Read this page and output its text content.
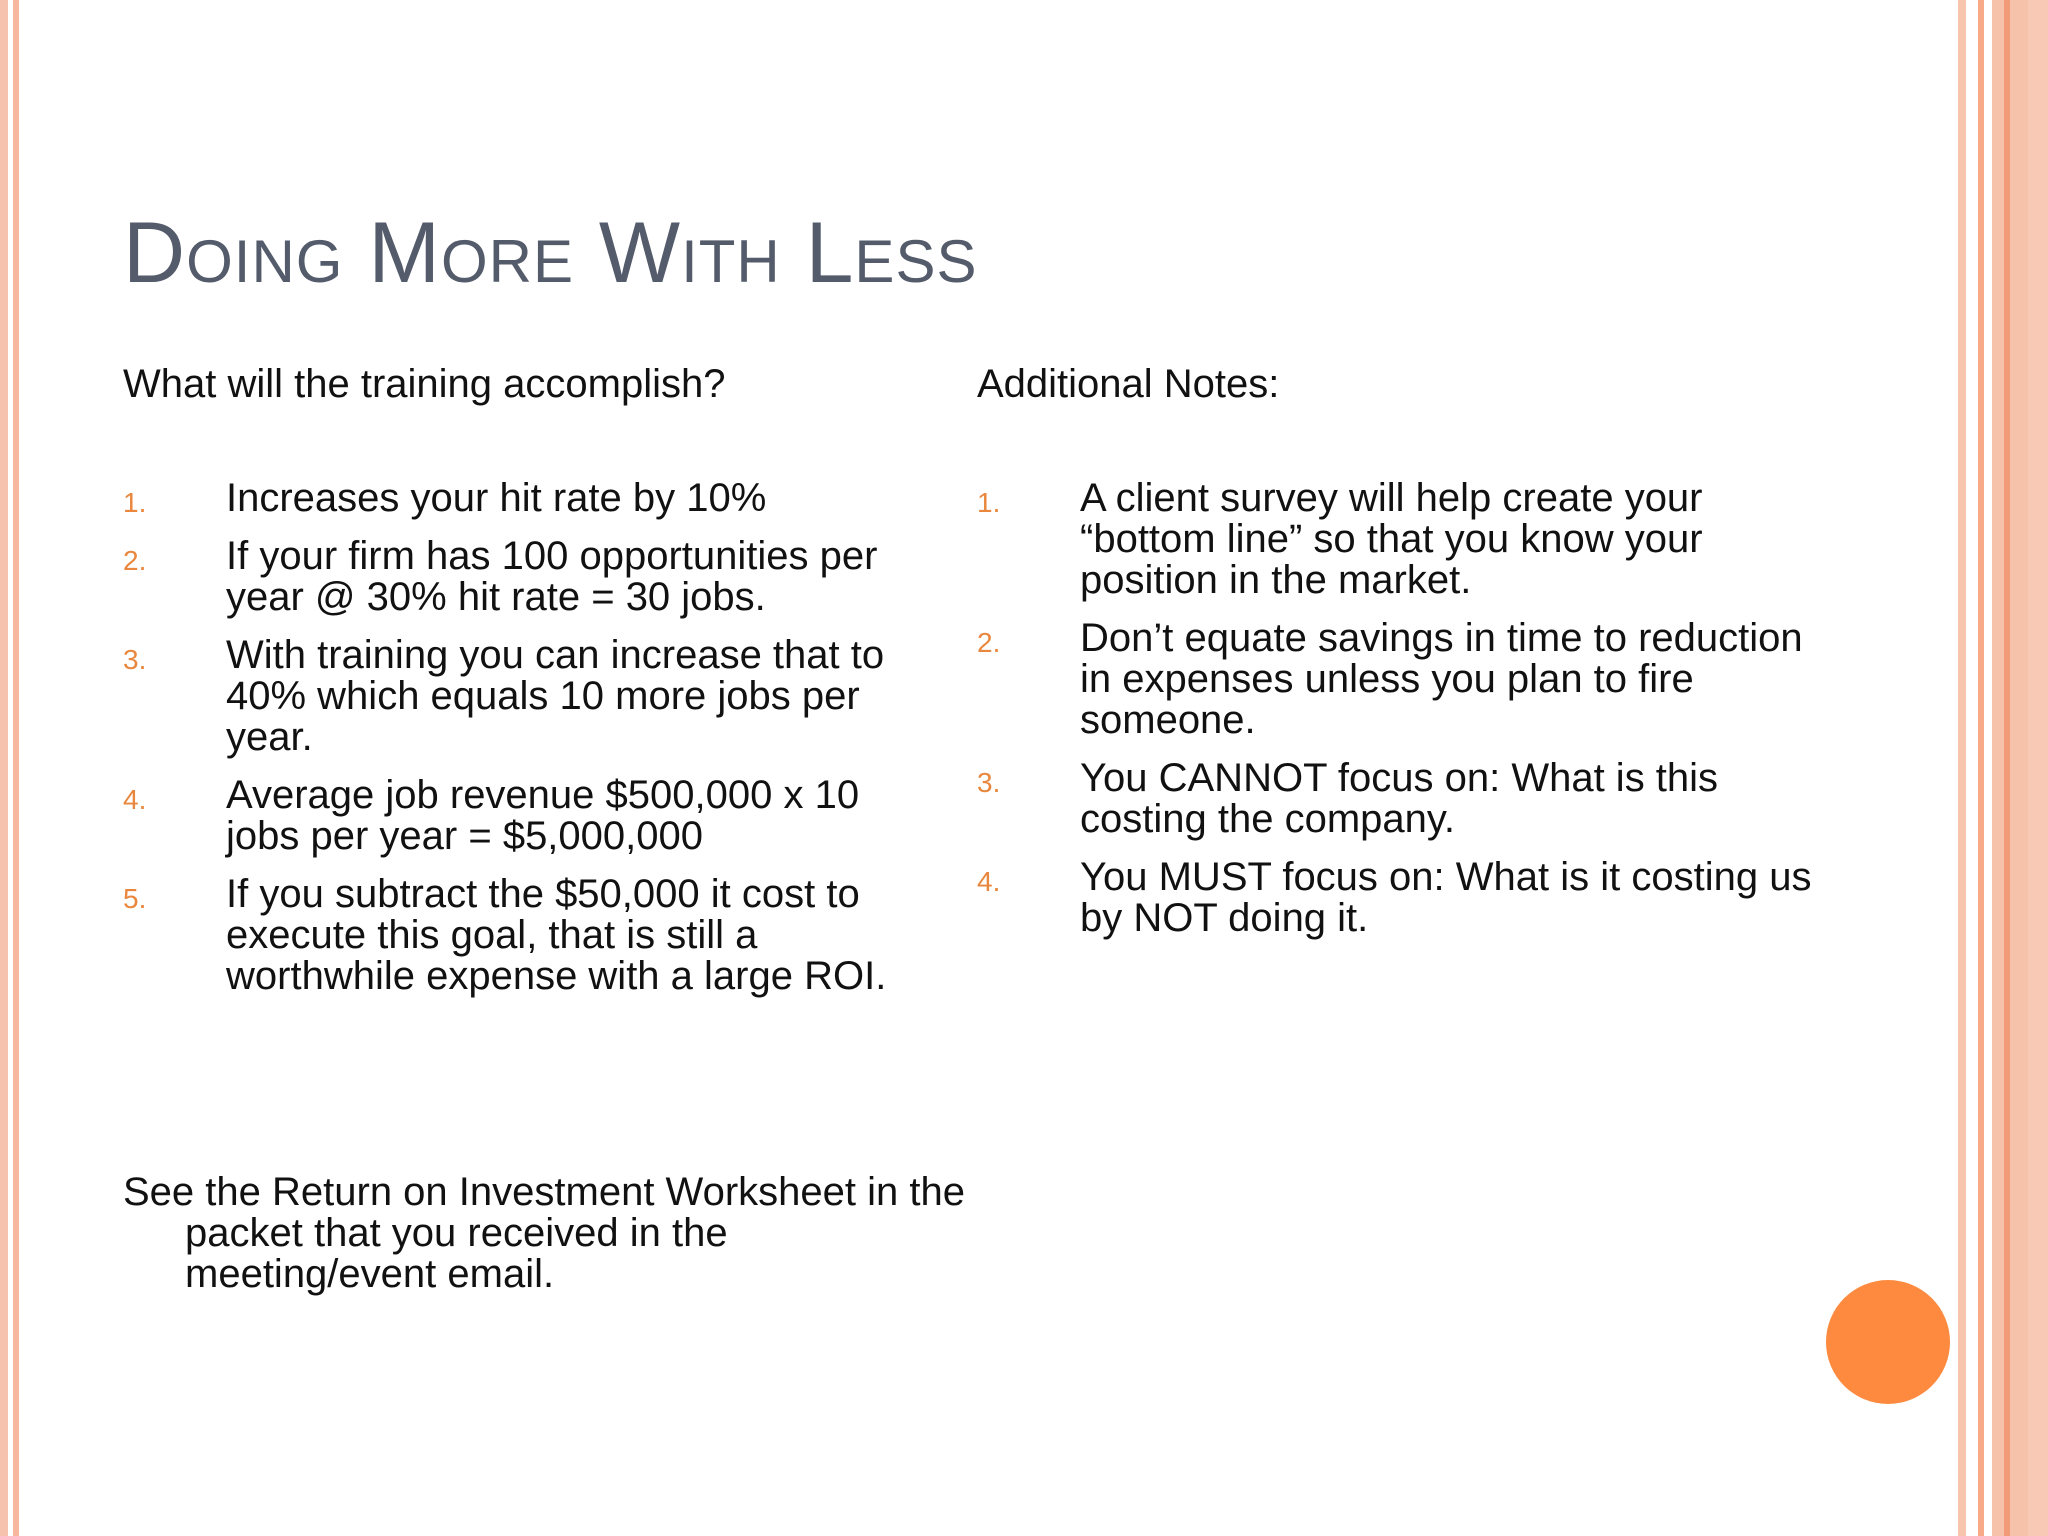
Doing More With Less
What will the training accomplish?	Additional Notes:
1. Increases your hit rate by 10%
2. If your firm has 100 opportunities per year @ 30% hit rate = 30 jobs.
3. With training you can increase that to 40% which equals 10 more jobs per year.
4. Average job revenue $500,000 x 10 jobs per year = $5,000,000
5. If you subtract the $50,000 it cost to execute this goal, that is still a worthwhile expense with a large ROI.
1. A client survey will help create your “bottom line” so that you know your position in the market.
2. Don’t equate savings in time to reduction in expenses unless you plan to fire someone.
3. You CANNOT focus on: What is this costing the company.
4. You MUST focus on: What is it costing us by NOT doing it.
See the Return on Investment Worksheet in the packet that you received in the meeting/event email.
